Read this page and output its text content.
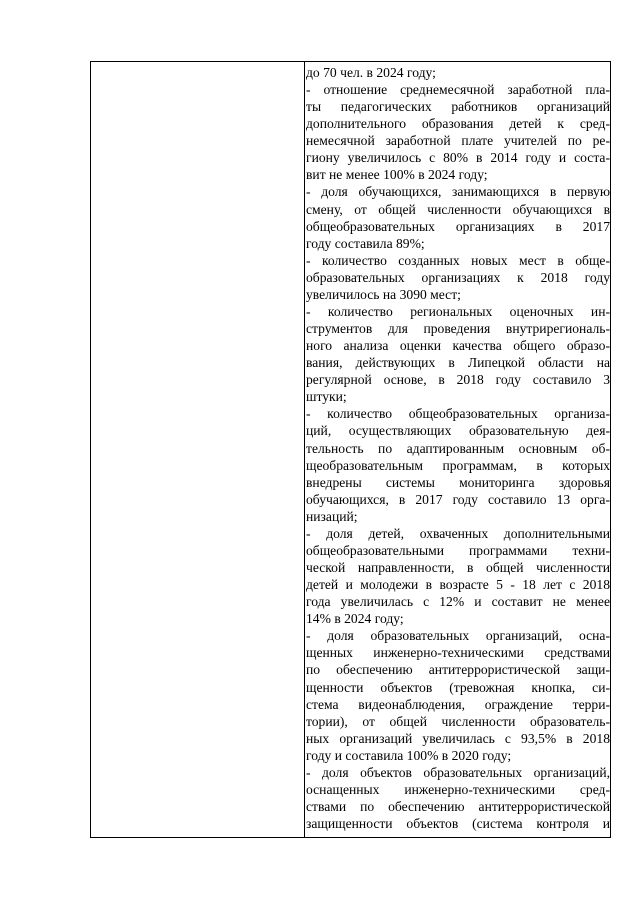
до 70 чел. в 2024 году;
- отношение среднемесячной заработной пла-
ты педагогических работников организаций
дополнительного образования детей к сред-
немесячной заработной плате учителей по ре-
гиону увеличилось с 80% в 2014 году и соста-
вит не менее 100% в 2024 году;
- доля обучающихся, занимающихся в первую
смену, от общей численности обучающихся в
общеобразовательных организациях в 2017
году составила 89%;
- количество созданных новых мест в обще-
образовательных организациях к 2018 году
увеличилось на 3090 мест;
- количество региональных оценочных ин-
струментов для проведения внутрирегиональ-
ного анализа оценки качества общего образо-
вания, действующих в Липецкой области на
регулярной основе, в 2018 году составило 3
штуки;
- количество общеобразовательных организа-
ций, осуществляющих образовательную дея-
тельность по адаптированным основным об-
щеобразовательным программам, в которых
внедрены системы мониторинга здоровья
обучающихся, в 2017 году составило 13 орга-
низаций;
- доля детей, охваченных дополнительными
общеобразовательными программами техни-
ческой направленности, в общей численности
детей и молодежи в возрасте 5 - 18 лет с 2018
года увеличилась с 12% и составит не менее
14% в 2024 году;
- доля образовательных организаций, осна-
щенных инженерно-техническими средствами
по обеспечению антитеррористической защи-
щенности объектов (тревожная кнопка, си-
стема видеонаблюдения, ограждение терри-
тории), от общей численности образователь-
ных организаций увеличилась с 93,5% в 2018
году и составила 100% в 2020 году;
- доля объектов образовательных организаций,
оснащенных инженерно-техническими сред-
ствами по обеспечению антитеррористической
защищенности объектов (система контроля и
